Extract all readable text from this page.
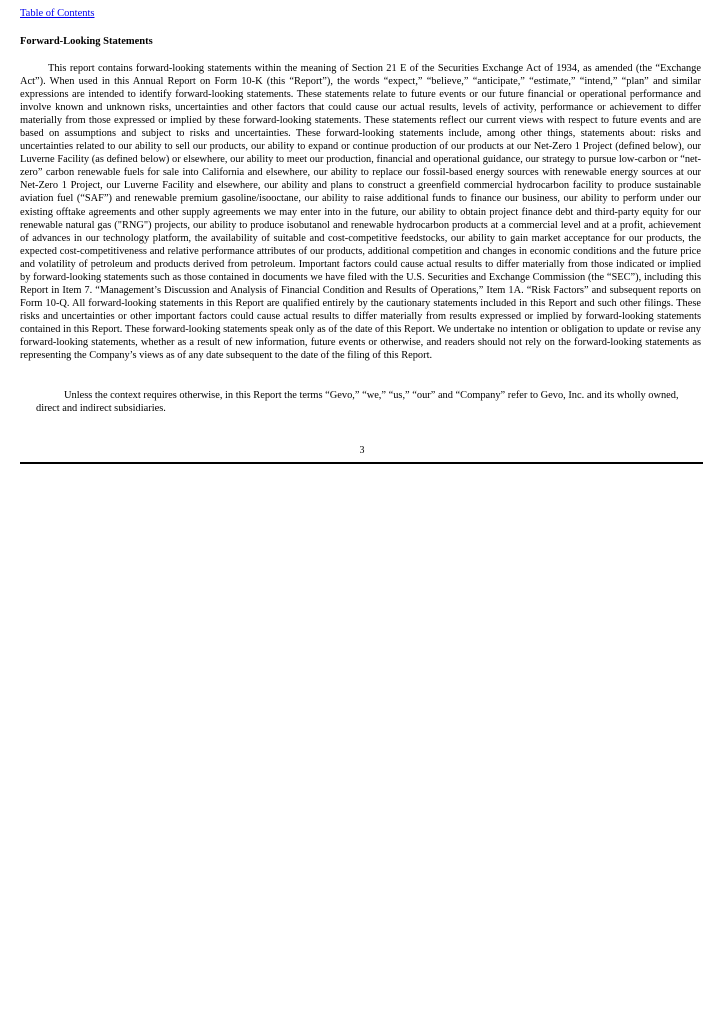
Table of Contents
Forward-Looking Statements

This report contains forward-looking statements within the meaning of Section 21 E of the Securities Exchange Act of 1934, as amended (the “Exchange Act”). When used in this Annual Report on Form 10-K (this “Report”), the words “expect,” “believe,” “anticipate,” “estimate,” “intend,” “plan” and similar expressions are intended to identify forward-looking statements. These statements relate to future events or our future financial or operational performance and involve known and unknown risks, uncertainties and other factors that could cause our actual results, levels of activity, performance or achievement to differ materially from those expressed or implied by these forward-looking statements. These statements reflect our current views with respect to future events and are based on assumptions and subject to risks and uncertainties. These forward-looking statements include, among other things, statements about: risks and uncertainties related to our ability to sell our products, our ability to expand or continue production of our products at our Net-Zero 1 Project (defined below), our Luverne Facility (as defined below) or elsewhere, our ability to meet our production, financial and operational guidance, our strategy to pursue low-carbon or “net-zero” carbon renewable fuels for sale into California and elsewhere, our ability to replace our fossil-based energy sources with renewable energy sources at our Net-Zero 1 Project, our Luverne Facility and elsewhere, our ability and plans to construct a greenfield commercial hydrocarbon facility to produce sustainable aviation fuel (“SAF”) and renewable premium gasoline/isooctane, our ability to raise additional funds to finance our business, our ability to perform under our existing offtake agreements and other supply agreements we may enter into in the future, our ability to obtain project finance debt and third-party equity for our renewable natural gas ("RNG") projects, our ability to produce isobutanol and renewable hydrocarbon products at a commercial level and at a profit, achievement of advances in our technology platform, the availability of suitable and cost-competitive feedstocks, our ability to gain market acceptance for our products, the expected cost-competitiveness and relative performance attributes of our products, additional competition and changes in economic conditions and the future price and volatility of petroleum and products derived from petroleum. Important factors could cause actual results to differ materially from those indicated or implied by forward-looking statements such as those contained in documents we have filed with the U.S. Securities and Exchange Commission (the “SEC”), including this Report in Item 7. “Management’s Discussion and Analysis of Financial Condition and Results of Operations,” Item 1A. “Risk Factors” and subsequent reports on Form 10-Q. All forward-looking statements in this Report are qualified entirely by the cautionary statements included in this Report and such other filings. These risks and uncertainties or other important factors could cause actual results to differ materially from results expressed or implied by forward-looking statements contained in this Report. These forward-looking statements speak only as of the date of this Report. We undertake no intention or obligation to update or revise any forward-looking statements, whether as a result of new information, future events or otherwise, and readers should not rely on the forward-looking statements as representing the Company’s views as of any date subsequent to the date of the filing of this Report.

Unless the context requires otherwise, in this Report the terms “Gevo,” “we,” “us,” “our” and “Company” refer to Gevo, Inc. and its wholly owned, direct and indirect subsidiaries.

3
